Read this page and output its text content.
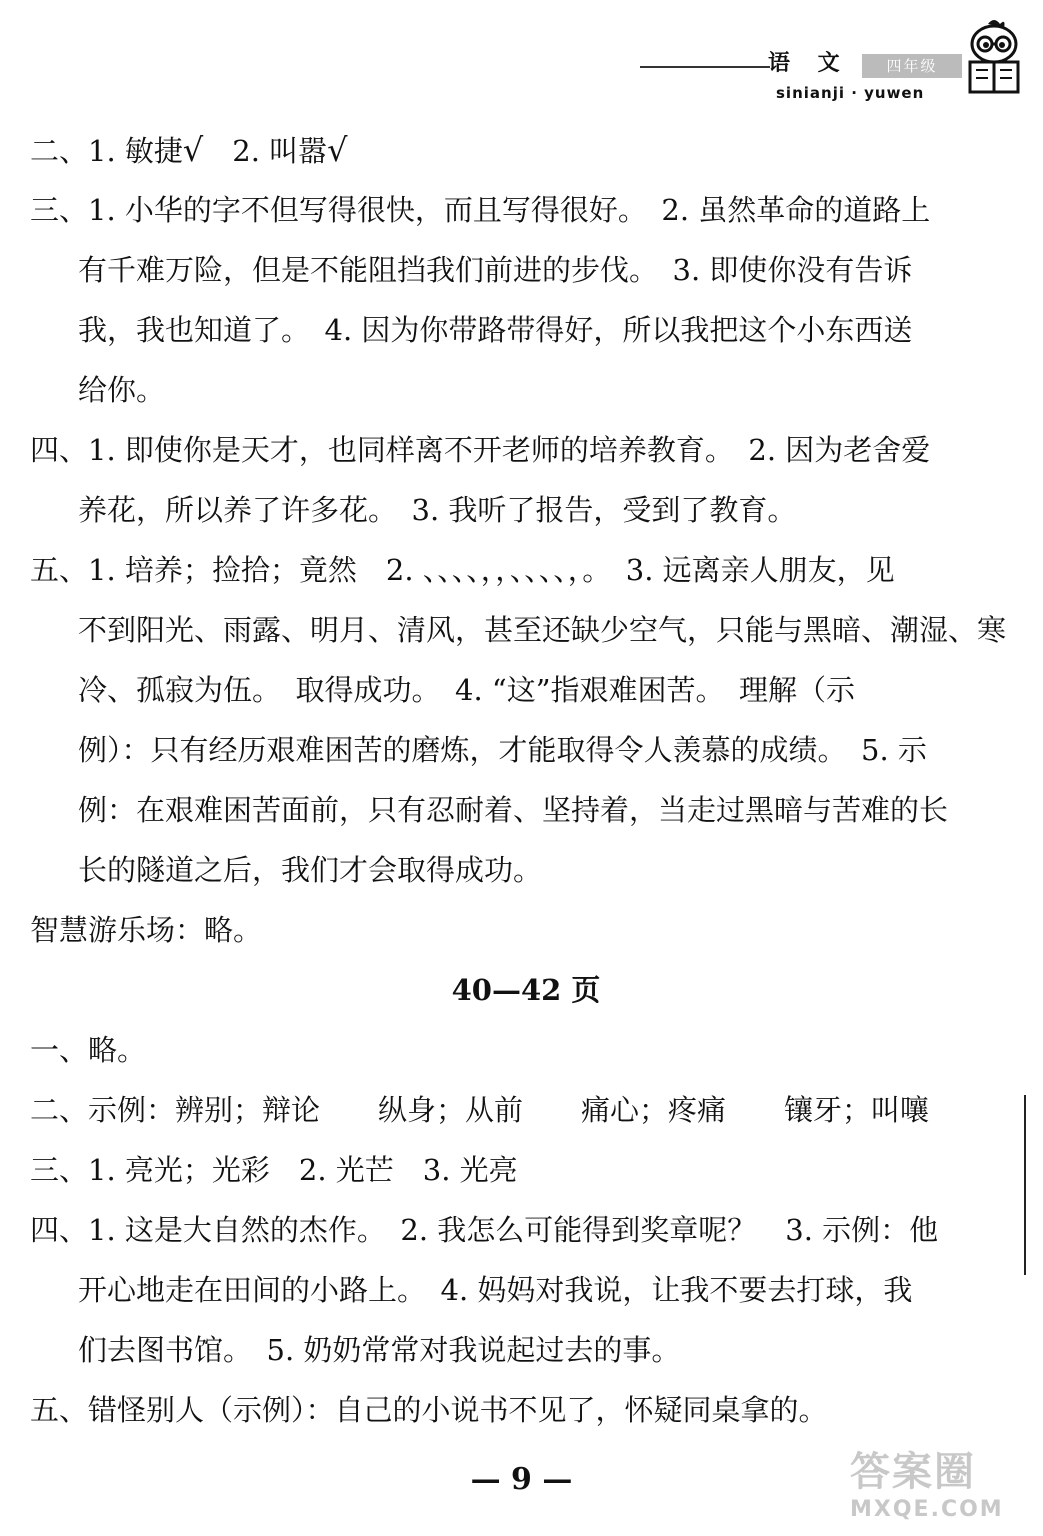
语 文	四年级
sinianji · yuwen
二、1. 敏捷√　2. 叫嚣√
三、1. 小华的字不但写得很快，而且写得很好。　2. 虽然革命的道路上
有千难万险，但是不能阻挡我们前进的步伐。　3. 即使你没有告诉
我，我也知道了。　4. 因为你带路带得好，所以我把这个小东西送
给你。
四、1. 即使你是天才，也同样离不开老师的培养教育。　2. 因为老舍爱
养花，所以养了许多花。　3. 我听了报告，受到了教育。
五、1. 培养；捡拾；竟然　2. 、、、、，，、、、、，。　3. 远离亲人朋友，见
不到阳光、雨露、明月、清风，甚至还缺少空气，只能与黑暗、潮湿、寒
冷、孤寂为伍。　取得成功。　4. “这”指艰难困苦。　理解（示
例）：只有经历艰难困苦的磨炼，才能取得令人羡慕的成绩。　5. 示
例：在艰难困苦面前，只有忍耐着、坚持着，当走过黑暗与苦难的长
长的隧道之后，我们才会取得成功。
智慧游乐场：略。
40—42 页
一、略。
二、示例：辨别；辩论　　纵身；从前　　痛心；疼痛　　镶牙；叫嚷
三、1. 亮光；光彩　2. 光芒　3. 光亮
四、1. 这是大自然的杰作。　2. 我怎么可能得到奖章呢？　3. 示例：他
开心地走在田间的小路上。　4. 妈妈对我说，让我不要去打球，我
们去图书馆。　5. 奶奶常常对我说起过去的事。
五、错怪别人（示例）：自己的小说书不见了，怀疑同桌拿的。
— 9 —	答案圈
MXQE.COM
